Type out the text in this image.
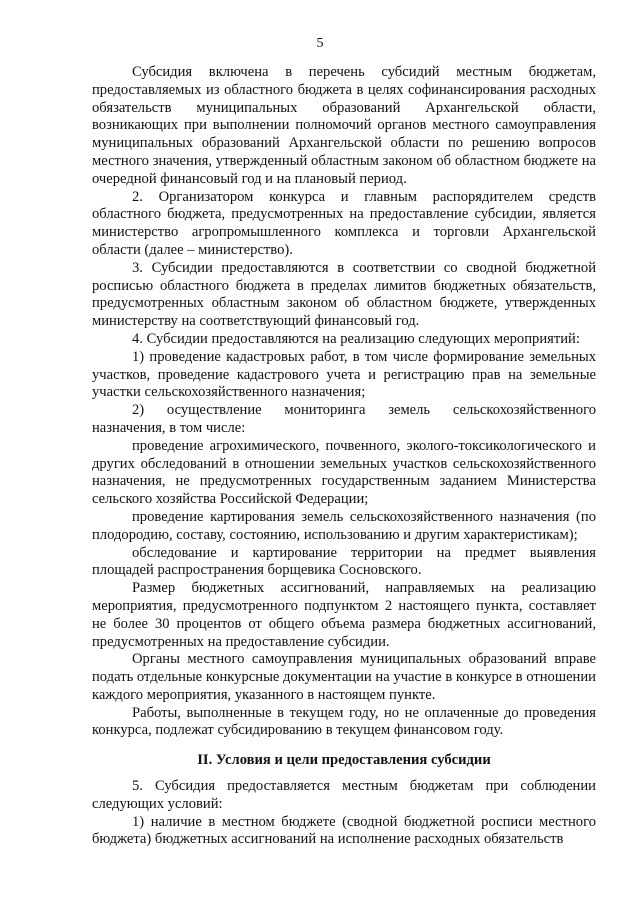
5

Субсидия включена в перечень субсидий местным бюджетам, предоставляемых из областного бюджета в целях софинансирования расходных обязательств муниципальных образований Архангельской области, возникающих при выполнении полномочий органов местного самоуправления муниципальных образований Архангельской области по решению вопросов местного значения, утвержденный областным законом об областном бюджете на очередной финансовый год и на плановый период.

2. Организатором конкурса и главным распорядителем средств областного бюджета, предусмотренных на предоставление субсидии, является министерство агропромышленного комплекса и торговли Архангельской области (далее – министерство).

3. Субсидии предоставляются в соответствии со сводной бюджетной росписью областного бюджета в пределах лимитов бюджетных обязательств, предусмотренных областным законом об областном бюджете, утвержденных министерству на соответствующий финансовый год.

4. Субсидии предоставляются на реализацию следующих мероприятий:

1) проведение кадастровых работ, в том числе формирование земельных участков, проведение кадастрового учета и регистрацию прав на земельные участки сельскохозяйственного назначения;

2) осуществление мониторинга земель сельскохозяйственного назначения, в том числе:

проведение агрохимического, почвенного, эколого-токсикологического и других обследований в отношении земельных участков сельскохозяйственного назначения, не предусмотренных государственным заданием Министерства сельского хозяйства Российской Федерации;

проведение картирования земель сельскохозяйственного назначения (по плодородию, составу, состоянию, использованию и другим характеристикам);

обследование и картирование территории на предмет выявления площадей распространения борщевика Сосновского.

Размер бюджетных ассигнований, направляемых на реализацию мероприятия, предусмотренного подпунктом 2 настоящего пункта, составляет не более 30 процентов от общего объема размера бюджетных ассигнований, предусмотренных на предоставление субсидии.

Органы местного самоуправления муниципальных образований вправе подать отдельные конкурсные документации на участие в конкурсе в отношении каждого мероприятия, указанного в настоящем пункте.

Работы, выполненные в текущем году, но не оплаченные до проведения конкурса, подлежат субсидированию в текущем финансовом году.

II. Условия и цели предоставления субсидии

5. Субсидия предоставляется местным бюджетам при соблюдении следующих условий:

1) наличие в местном бюджете (сводной бюджетной росписи местного бюджета) бюджетных ассигнований на исполнение расходных обязательств
